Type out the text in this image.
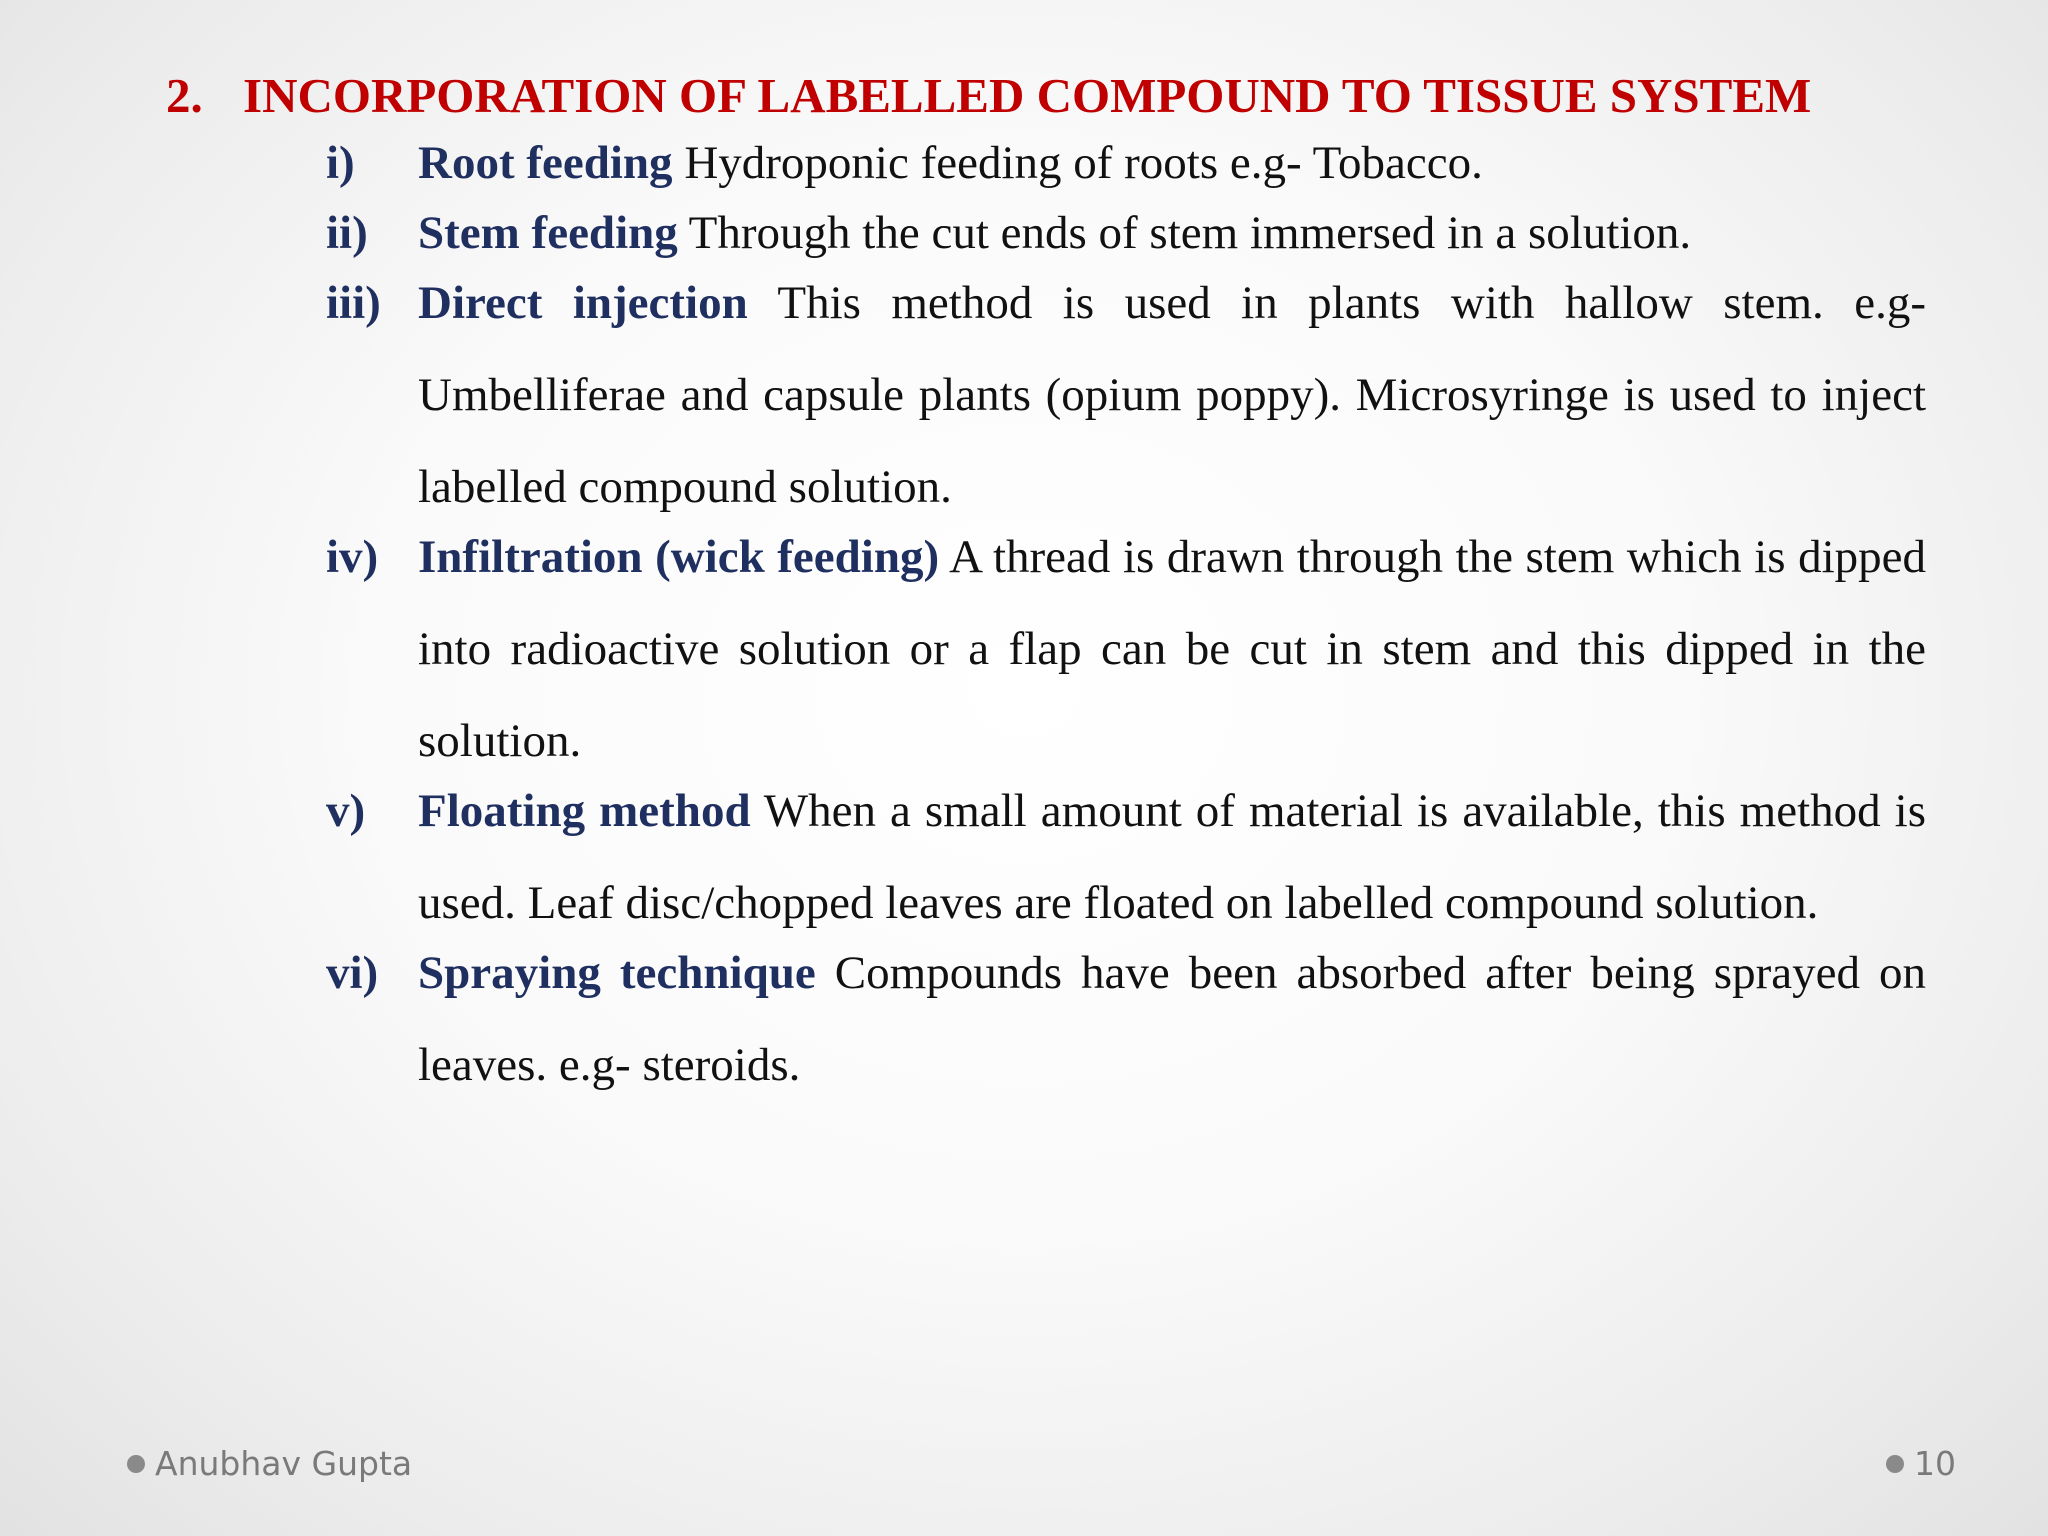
2. INCORPORATION OF LABELLED COMPOUND TO TISSUE SYSTEM
i)	Root feeding Hydroponic feeding of roots e.g- Tobacco.
ii)	Stem feeding Through the cut ends of stem immersed in a solution.
iii) Direct injection This method is used in plants with hallow stem. e.g- Umbelliferae and capsule plants (opium poppy). Microsyringe is used to inject labelled compound solution.
iv) Infiltration (wick feeding) A thread is drawn through the stem which is dipped into radioactive solution or a flap can be cut in stem and this dipped in the solution.
v)	Floating method When a small amount of material is available, this method is used. Leaf disc/chopped leaves are floated on labelled compound solution.
vi) Spraying technique Compounds have been absorbed after being sprayed on leaves. e.g- steroids.
Anubhav Gupta	10
